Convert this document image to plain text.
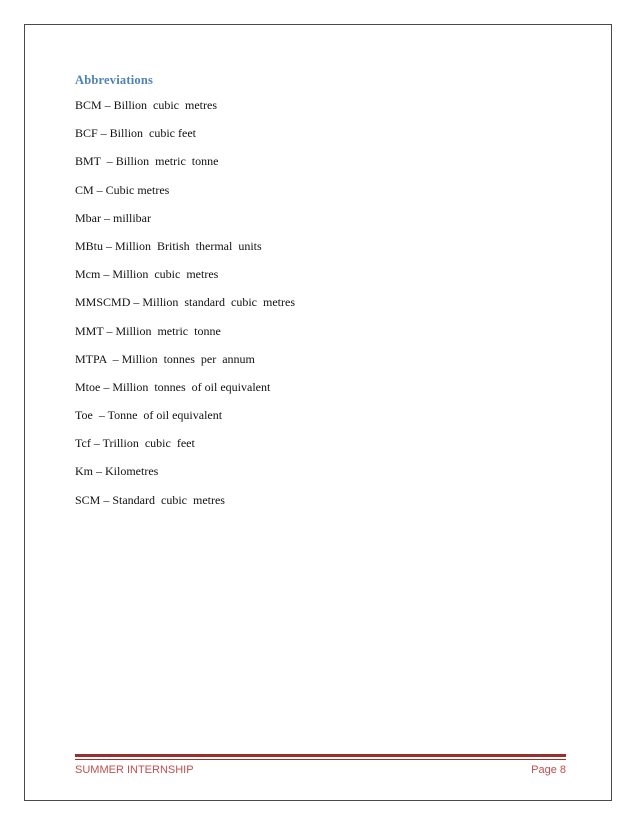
Abbreviations
BCM – Billion  cubic  metres
BCF – Billion  cubic feet
BMT  – Billion  metric  tonne
CM – Cubic metres
Mbar – millibar
MBtu – Million  British  thermal  units
Mcm – Million  cubic  metres
MMSCMD – Million  standard  cubic  metres
MMT – Million  metric  tonne
MTPA  – Million  tonnes  per  annum
Mtoe – Million  tonnes  of oil equivalent
Toe  – Tonne  of oil equivalent
Tcf – Trillion  cubic  feet
Km – Kilometres
SCM – Standard  cubic  metres
SUMMER INTERNSHIP	Page 8
